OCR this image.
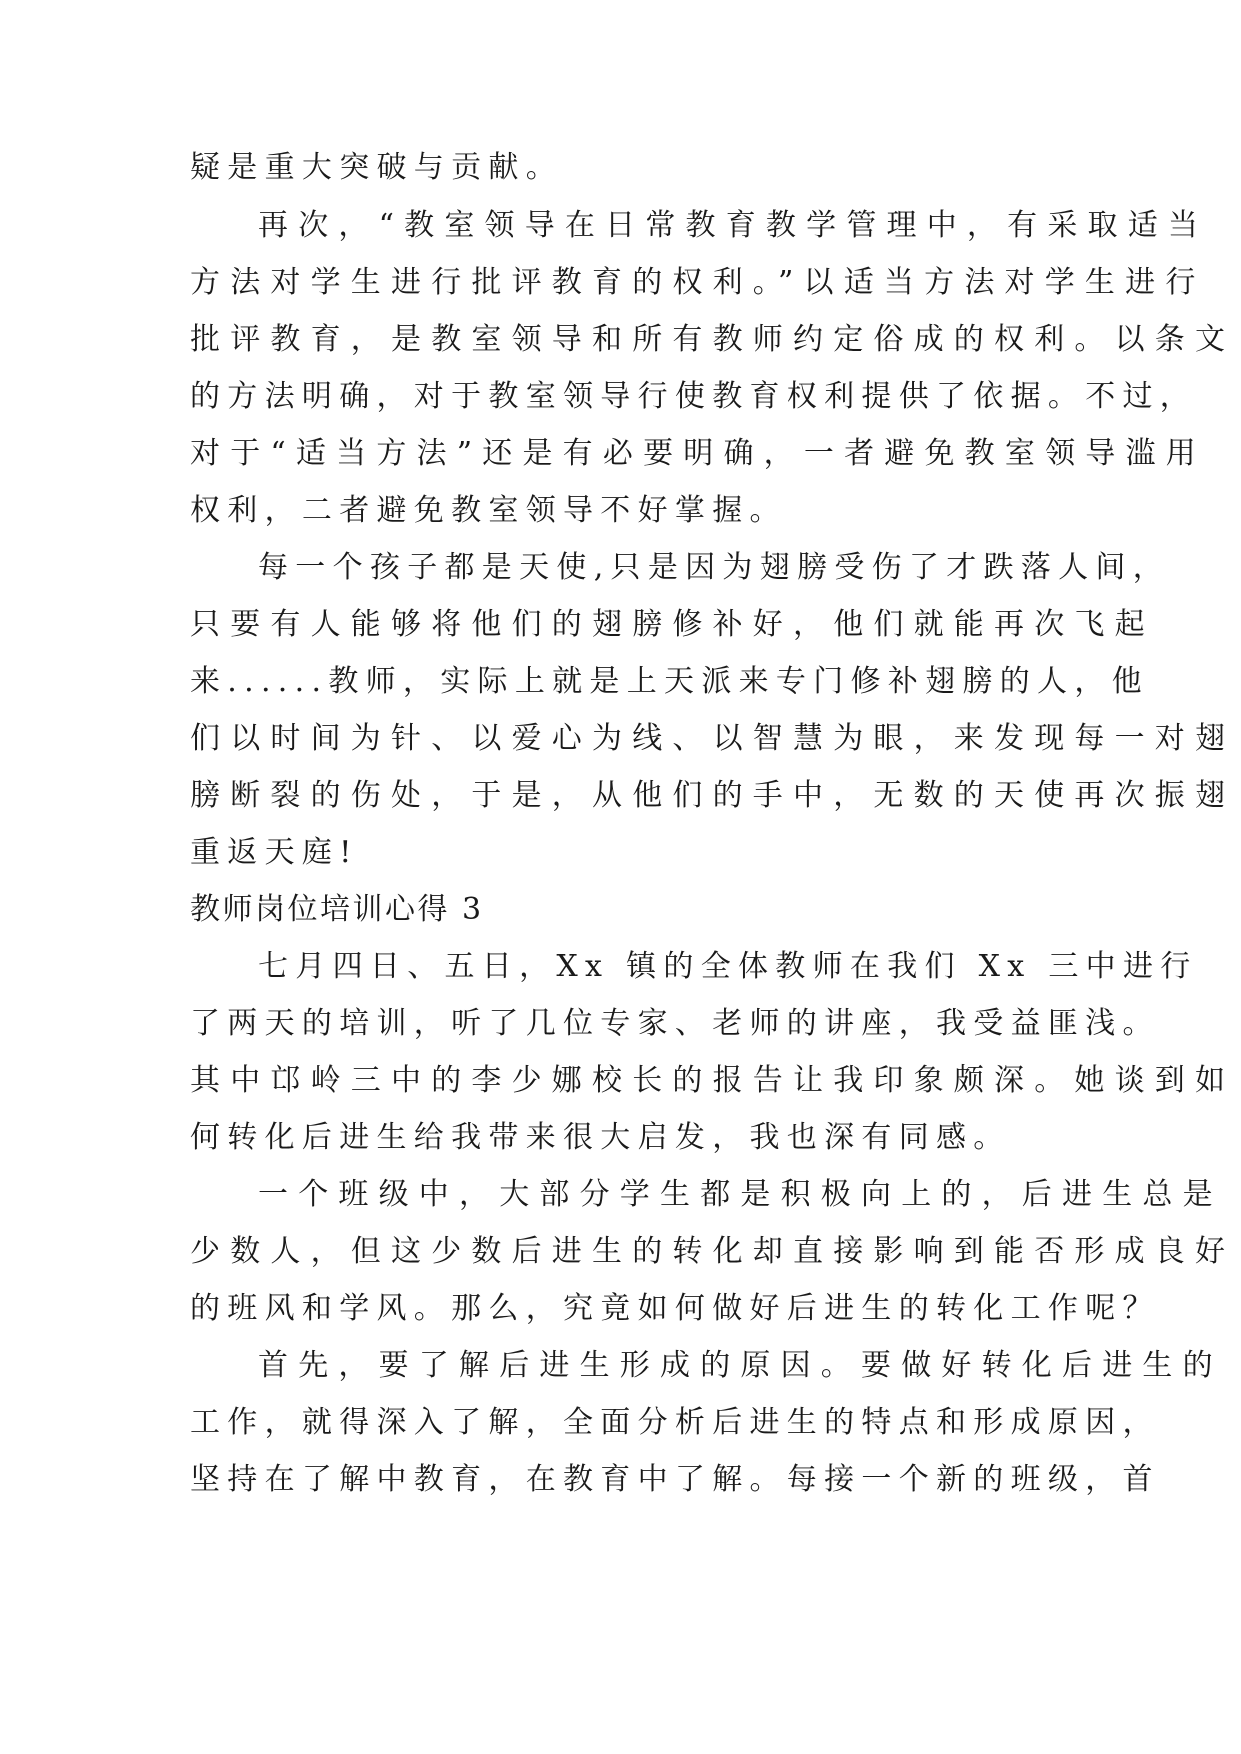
疑是重大突破与贡献。

再次，“教室领导在日常教育教学管理中，有采取适当

方法对学生进行批评教育的权利。”以适当方法对学生进行

批评教育，是教室领导和所有教师约定俗成的权利。以条文

的方法明确，对于教室领导行使教育权利提供了依据。不过，

对于“适当方法”还是有必要明确，一者避免教室领导滥用

权利，二者避免教室领导不好掌握。

每一个孩子都是天使,只是因为翅膀受伤了才跌落人间，

只要有人能够将他们的翅膀修补好，他们就能再次飞起

来......教师，实际上就是上天派来专门修补翅膀的人，他

们以时间为针、以爱心为线、以智慧为眼，来发现每一对翅

膀断裂的伤处，于是，从他们的手中，无数的天使再次振翅

重返天庭!

教师岗位培训心得 3

七月四日、五日，Xx 镇的全体教师在我们 Xx 三中进行

了两天的培训，听了几位专家、老师的讲座，我受益匪浅。

其中邙岭三中的李少娜校长的报告让我印象颇深。她谈到如

何转化后进生给我带来很大启发，我也深有同感。

一个班级中，大部分学生都是积极向上的，后进生总是

少数人，但这少数后进生的转化却直接影响到能否形成良好

的班风和学风。那么，究竟如何做好后进生的转化工作呢？

首先，要了解后进生形成的原因。要做好转化后进生的

工作，就得深入了解，全面分析后进生的特点和形成原因，

坚持在了解中教育，在教育中了解。每接一个新的班级，首
